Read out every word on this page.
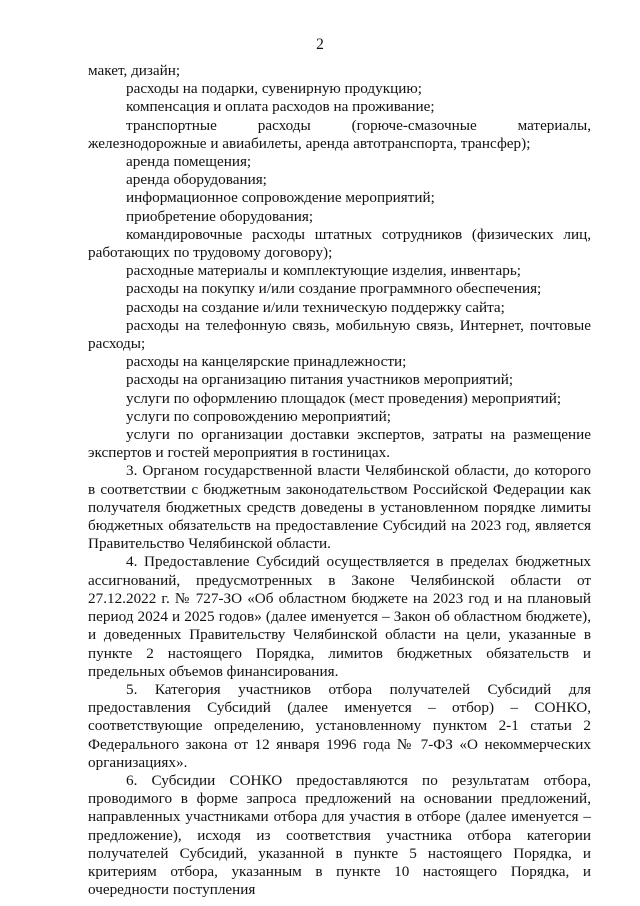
2

макет, дизайн;

расходы на подарки, сувенирную продукцию;

компенсация и оплата расходов на проживание;

транспортные расходы (горюче-смазочные материалы, железнодорожные и авиабилеты, аренда автотранспорта, трансфер);

аренда помещения;

аренда оборудования;

информационное сопровождение мероприятий;

приобретение оборудования;

командировочные расходы штатных сотрудников (физических лиц, работающих по трудовому договору);

расходные материалы и комплектующие изделия, инвентарь;

расходы на покупку и/или создание программного обеспечения;

расходы на создание и/или техническую поддержку сайта;

расходы на телефонную связь, мобильную связь, Интернет, почтовые расходы;

расходы на канцелярские принадлежности;

расходы на организацию питания участников мероприятий;

услуги по оформлению площадок (мест проведения) мероприятий;

услуги по сопровождению мероприятий;

услуги по организации доставки экспертов, затраты на размещение экспертов и гостей мероприятия в гостиницах.

3. Органом государственной власти Челябинской области, до которого в соответствии с бюджетным законодательством Российской Федерации как получателя бюджетных средств доведены в установленном порядке лимиты бюджетных обязательств на предоставление Субсидий на 2023 год, является Правительство Челябинской области.

4. Предоставление Субсидий осуществляется в пределах бюджетных ассигнований, предусмотренных в Законе Челябинской области от 27.12.2022 г. № 727-ЗО «Об областном бюджете на 2023 год и на плановый период 2024 и 2025 годов» (далее именуется – Закон об областном бюджете), и доведенных Правительству Челябинской области на цели, указанные в пункте 2 настоящего Порядка, лимитов бюджетных обязательств и предельных объемов финансирования.

5. Категория участников отбора получателей Субсидий для предоставления Субсидий (далее именуется – отбор) – СОНКО, соответствующие определению, установленному пунктом 2-1 статьи 2 Федерального закона от 12 января 1996 года № 7-ФЗ «О некоммерческих организациях».

6. Субсидии СОНКО предоставляются по результатам отбора, проводимого в форме запроса предложений на основании предложений, направленных участниками отбора для участия в отборе (далее именуется – предложение), исходя из соответствия участника отбора категории получателей Субсидий, указанной в пункте 5 настоящего Порядка, и критериям отбора, указанным в пункте 10 настоящего Порядка, и очередности поступления
